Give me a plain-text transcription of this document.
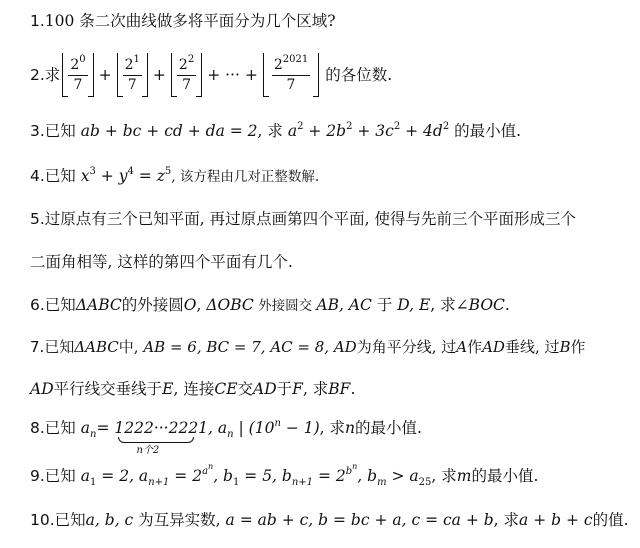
1.100 条二次曲线做多将平面分为几个区域?
2. 求 $\frac{2^0}{7} + \frac{2^1}{7} + \frac{2^2}{7}$ + ··· + $\frac{2^{2021}}{7}$ 的各位数.
3.已知 ab + bc + cd + da = 2, 求 $a^2 + 2b^2 + 3c^2 + 4d^2$ 的最小值.
4.已知 $x^3 + y^4 = z^5$, 该方程由几对正整数解.
5.过原点有三个已知平面, 再过原点画第四个平面, 使得与先前三个平面形成三个
二面角相等, 这样的第四个平面有几个.
6.已知ΔABC的外接圆O, ΔOBC 外接圆交 AB, AC 于 D, E, 求∠BOC.
7.已知ΔABC中, AB = 6, BC = 7, AC = 8, AD为角平分线, 过A作AD垂线, 过B作
AD平行线交垂线于E, 连接CE交AD于F, 求BF.
8.已知 $a_n= 1222\cdot\cdot\cdot 2221$
n个2
, $a_n$ | $(10^n - 1)$, 求n的最小值.
9.已知 $a_1 = 2$, $a_{n+1} = 2^{a^n}$, $b_1 = 5$, $b_{n+1} = 2^{b^n}$, $b_m > a_{25}$, 求m的最小值.
10.已知a, b, c 为互异实数, a = ab + c, b = bc + a, c = ca + b, 求a + b + c的值.
